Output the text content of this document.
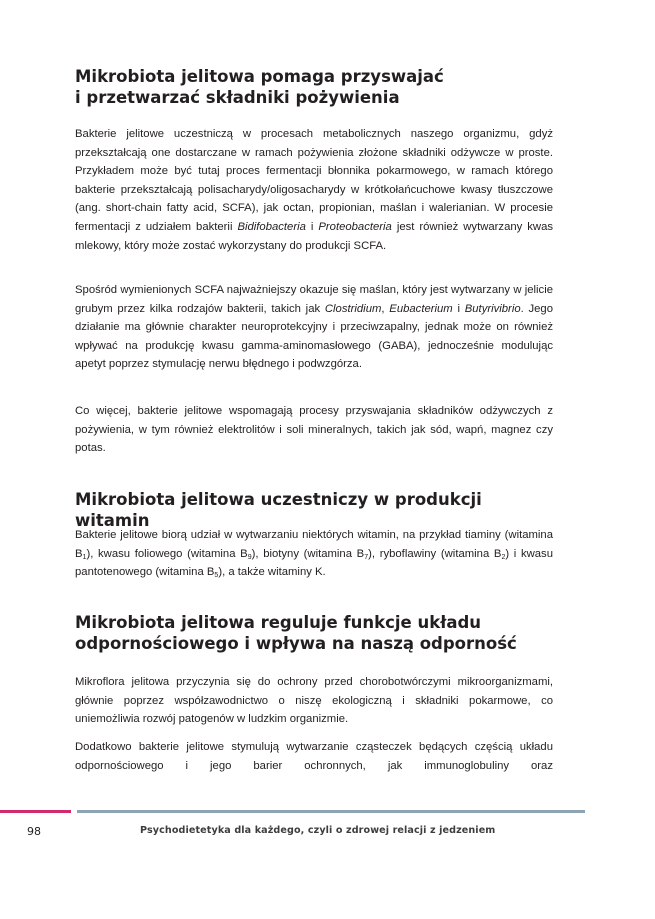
Mikrobiota jelitowa pomaga przyswajać
i przetwarzać składniki pożywienia

Bakterie jelitowe uczestniczą w procesach metabolicznych naszego organizmu, gdyż przekształcają one dostarczane w ramach pożywienia złożone składniki odżywcze w proste. Przykładem może być tutaj proces fermentacji błonnika pokarmowego, w ramach którego bakterie przekształcają polisacharydy/oligosacharydy w krótkołańcuchowe kwasy tłuszczowe (ang. short-chain fatty acid, SCFA), jak octan, propionian, maślan i walerianian. W procesie fermentacji z udziałem bakterii Bidifobacteria i Proteobacteria jest również wytwarzany kwas mlekowy, który może zostać wykorzystany do produkcji SCFA.

Spośród wymienionych SCFA najważniejszy okazuje się maślan, który jest wytwarzany w jelicie grubym przez kilka rodzajów bakterii, takich jak Clostridium, Eubacterium i Butyrivibrio. Jego działanie ma głównie charakter neuroprotekcyjny i przeciwzapalny, jednak może on również wpływać na produkcję kwasu gamma-aminomasłowego (GABA), jednocześnie modulując apetyt poprzez stymulację nerwu błędnego i podwzgórza.

Co więcej, bakterie jelitowe wspomagają procesy przyswajania składników odżywczych z pożywienia, w tym również elektrolitów i soli mineralnych, takich jak sód, wapń, magnez czy potas.

Mikrobiota jelitowa uczestniczy w produkcji witamin

Bakterie jelitowe biorą udział w wytwarzaniu niektórych witamin, na przykład tiaminy (witamina $B_1$), kwasu foliowego (witamina $B_9$), biotyny (witamina $B_7$), ryboflawiny (witamina $B_2$) i kwasu pantotenowego (witamina $B_5$), a także witaminy K.

Mikrobiota jelitowa reguluje funkcje układu
odpornościowego i wpływa na naszą odporność

Mikroflora jelitowa przyczynia się do ochrony przed chorobotwórczymi mikroorganizmami, głównie poprzez współzawodnictwo o niszę ekologiczną i składniki pokarmowe, co uniemożliwia rozwój patogenów w ludzkim organizmie.

Dodatkowo bakterie jelitowe stymulują wytwarzanie cząsteczek będących częścią układu odpornościowego i jego barier ochronnych, jak immunoglobuliny oraz

98	Psychodietetyka dla każdego, czyli o zdrowej relacji z jedzeniem
